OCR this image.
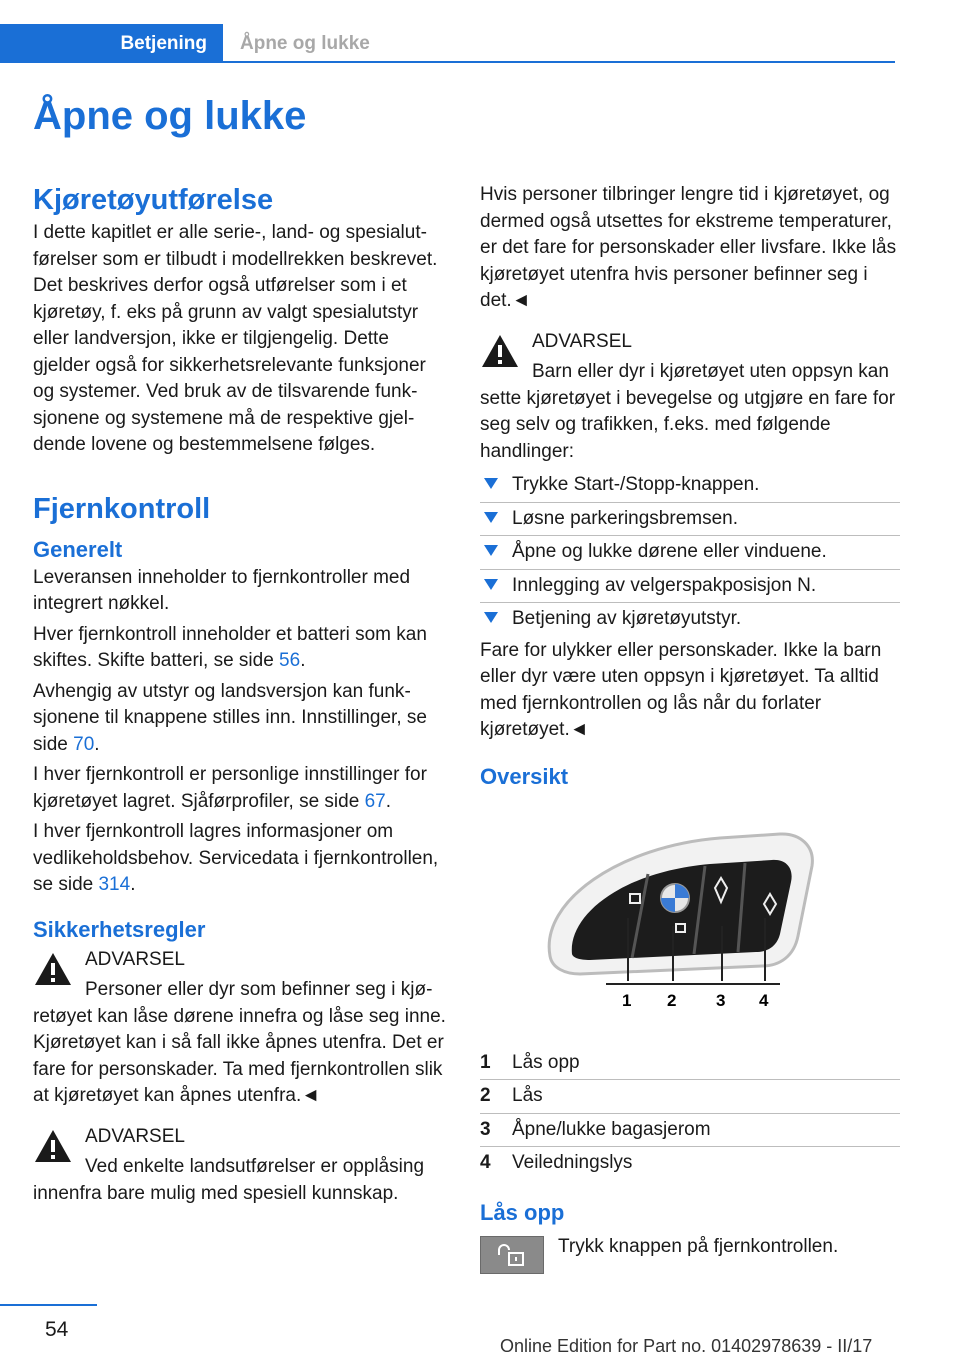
Betjening	Åpne og lukke
Åpne og lukke
Kjøretøyutførelse

I dette kapitlet er alle serie-, land- og spesialutførelser som er tilbudt i modellrekken beskrevet. Det beskrives derfor også utførelser som i et kjøretøy, f. eks på grunn av valgt spesialutstyr eller landversjon, ikke er tilgjengelig. Dette gjelder også for sikkerhetsrelevante funksjoner og systemer. Ved bruk av de tilsvarende funksjonene og systemene må de respektive gjeldende lovene og bestemmelsene følges.

Fjernkontroll
Generelt

Leveransen inneholder to fjernkontroller med integrert nøkkel.

Hver fjernkontroll inneholder et batteri som kan skiftes. Skifte batteri, se side 56.

Avhengig av utstyr og landsversjon kan funksjonene til knappene stilles inn. Innstillinger, se side 70.

I hver fjernkontroll er personlige innstillinger for kjøretøyet lagret. Sjåførprofiler, se side 67.

I hver fjernkontroll lagres informasjoner om vedlikeholdsbehov. Servicedata i fjernkontrollen, se side 314.

Sikkerhetsregler
ADVARSEL

Personer eller dyr som befinner seg i kjøretøyet kan låse dørene innefra og låse seg inne. Kjøretøyet kan i så fall ikke åpnes utenfra. Det er fare for personskader. Ta med fjernkontrollen slik at kjøretøyet kan åpnes utenfra.◄

ADVARSEL

Ved enkelte landsutførelser er opplåsing innenfra bare mulig med spesiell kunnskap.

Hvis personer tilbringer lengre tid i kjøretøyet, og dermed også utsettes for ekstreme temperaturer, er det fare for personskader eller livsfare. Ikke lås kjøretøyet utenfra hvis personer befinner seg i det.◄

ADVARSEL

Barn eller dyr i kjøretøyet uten oppsyn kan sette kjøretøyet i bevegelse og utgjøre en fare for seg selv og trafikken, f.eks. med følgende handlinger:

Trykke Start-/Stopp-knappen.
Løsne parkeringsbremsen.
Åpne og lukke dørene eller vinduene.
Innlegging av velgerspakposisjon N.
Betjening av kjøretøyutstyr.

Fare for ulykker eller personskader. Ikke la barn eller dyr være uten oppsyn i kjøretøyet. Ta alltid med fjernkontrollen og lås når du forlater kjøretøyet.◄

Oversikt
1 2 3 4
1 Lås opp
2 Lås
3 Åpne/lukke bagasjerom
4 Veiledningslys
Lås opp

Trykk knappen på fjernkontrollen.

54
Online Edition for Part no. 01402978639 - II/17
